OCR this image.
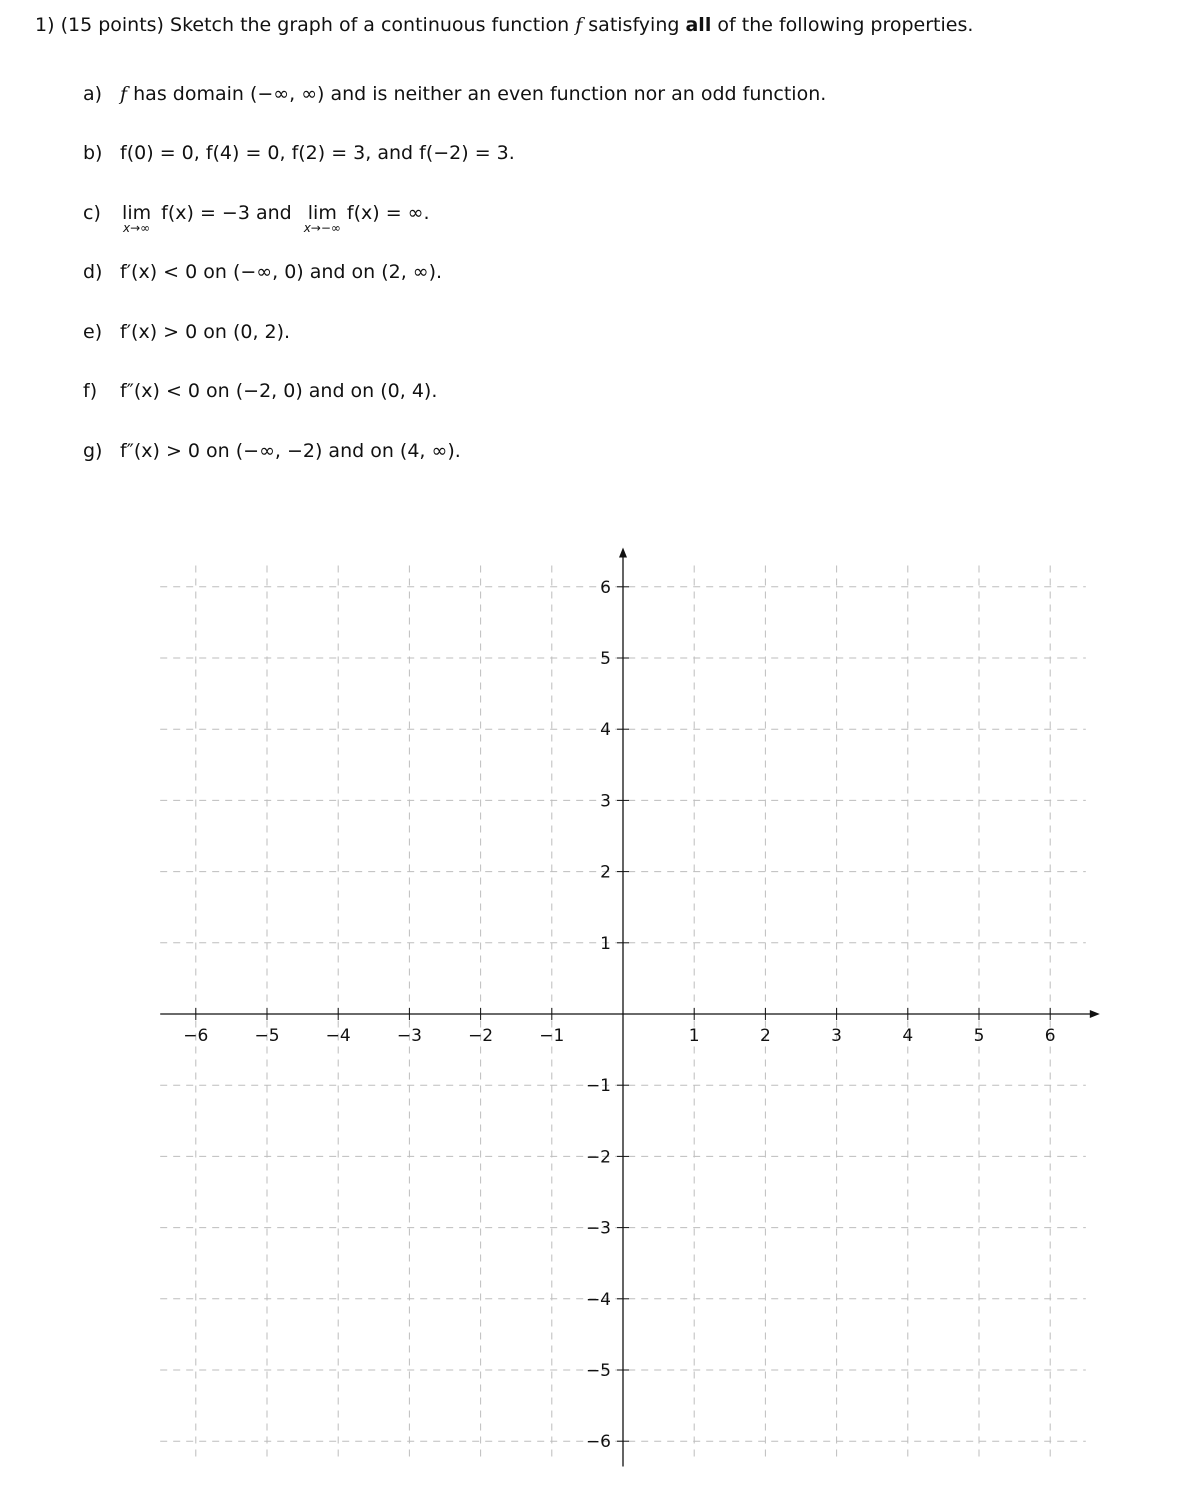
1) (15 points) Sketch the graph of a continuous function f satisfying all of the following properties.
a) f has domain (−∞, ∞) and is neither an even function nor an odd function.
b) f(0) = 0, f(4) = 0, f(2) = 3, and f(−2) = 3.
c) lim
x→∞
f(x) = −3 and lim
x→−∞
f(x) = ∞.
d) f′(x) < 0 on (−∞, 0) and on (2, ∞).
e) f′(x) > 0 on (0, 2).
f) f″(x) < 0 on (−2, 0) and on (0, 4).
g) f″(x) > 0 on (−∞, −2) and on (4, ∞).
−6	−5	−4	−3	−2	−1	1	2	3	4	5	6
6
5
4
3
2
1
−1
−2
−3
−4
−5
−6
